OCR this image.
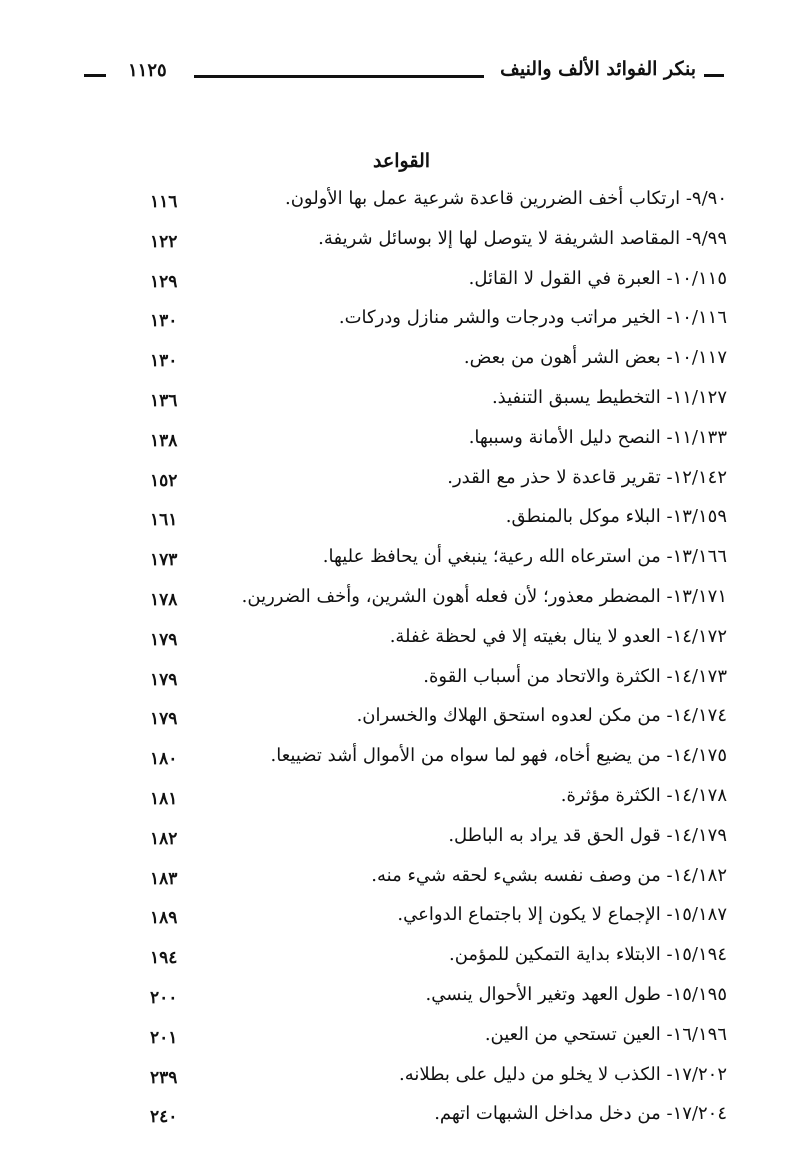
بنكر الفوائد الألف والنيف
١١٢٥
القواعد
٩/٩٠- ارتكاب أخف الضررين قاعدة شرعية عمل بها الأولون.
١١٦
٩/٩٩- المقاصد الشريفة لا يتوصل لها إلا بوسائل شريفة.
١٢٢
١٠/١١٥- العبرة في القول لا القائل.
١٢٩
١٠/١١٦- الخير مراتب ودرجات والشر منازل ودركات.
١٣٠
١٠/١١٧- بعض الشر أهون من بعض.
١٣٠
١١/١٢٧- التخطيط يسبق التنفيذ.
١٣٦
١١/١٣٣- النصح دليل الأمانة وسببها.
١٣٨
١٢/١٤٢- تقرير قاعدة لا حذر مع القدر.
١٥٢
١٣/١٥٩- البلاء موكل بالمنطق.
١٦١
١٣/١٦٦- من استرعاه الله رعية؛ ينبغي أن يحافظ عليها.
١٧٣
١٣/١٧١- المضطر معذور؛ لأن فعله أهون الشرين، وأخف الضررين.
١٧٨
١٤/١٧٢- العدو لا ينال بغيته إلا في لحظة غفلة.
١٧٩
١٤/١٧٣- الكثرة والاتحاد من أسباب القوة.
١٧٩
١٤/١٧٤- من مكن لعدوه استحق الهلاك والخسران.
١٧٩
١٤/١٧٥- من يضيع أخاه، فهو لما سواه من الأموال أشد تضييعا.
١٨٠
١٤/١٧٨- الكثرة مؤثرة.
١٨١
١٤/١٧٩- قول الحق قد يراد به الباطل.
١٨٢
١٤/١٨٢- من وصف نفسه بشيء لحقه شيء منه.
١٨٣
١٥/١٨٧- الإجماع لا يكون إلا باجتماع الدواعي.
١٨٩
١٥/١٩٤- الابتلاء بداية التمكين للمؤمن.
١٩٤
١٥/١٩٥- طول العهد وتغير الأحوال ينسي.
٢٠٠
١٦/١٩٦- العين تستحي من العين.
٢٠١
١٧/٢٠٢- الكذب لا يخلو من دليل على بطلانه.
٢٣٩
١٧/٢٠٤- من دخل مداخل الشبهات اتهم.
٢٤٠
